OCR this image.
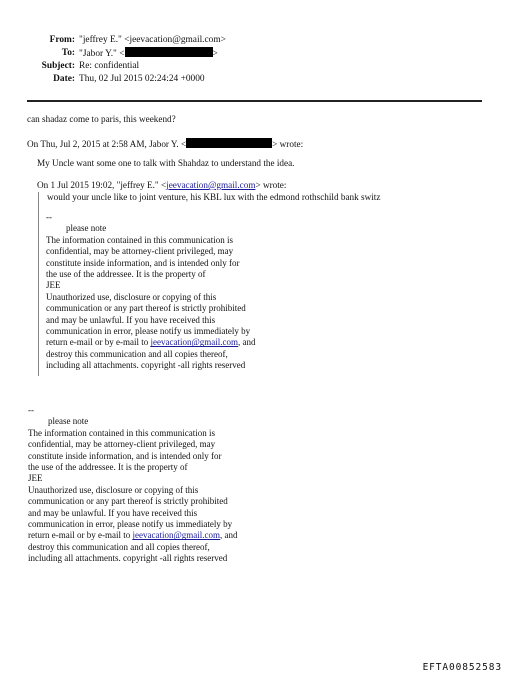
From: "jeffrey E." <jeevacation@gmail.com>
To: "Jabor Y." <	>
Subject: Re: confidential
Date: Thu, 02 Jul 2015 02:24:24 +0000
can shadaz come to paris, this weekend?
On Thu, Jul 2, 2015 at 2:58 AM, Jabor Y. <	> wrote:
My Uncle want some one to talk with Shahdaz to understand the idea.
On 1 Jul 2015 19:02, "jeffrey E." <jeevacation@gmail.com> wrote:
would your uncle like to joint venture, his KBL lux with the edmond rothschild bank switz
--
please note
The information contained in this communication is
confidential, may be attorney-client privileged, may
constitute inside information, and is intended only for
the use of the addressee. It is the property of
JEE
Unauthorized use, disclosure or copying of this
communication or any part thereof is strictly prohibited
and may be unlawful. If you have received this
communication in error, please notify us immediately by
return e-mail or by e-mail to jeevacation@gmail.com, and
destroy this communication and all copies thereof,
including all attachments. copyright -all rights reserved
--
please note
The information contained in this communication is
confidential, may be attorney-client privileged, may
constitute inside information, and is intended only for
the use of the addressee. It is the property of
JEE
Unauthorized use, disclosure or copying of this
communication or any part thereof is strictly prohibited
and may be unlawful. If you have received this
communication in error, please notify us immediately by
return e-mail or by e-mail to jeevacation@gmail.com, and
destroy this communication and all copies thereof,
including all attachments. copyright -all rights reserved
EFTA00852583
